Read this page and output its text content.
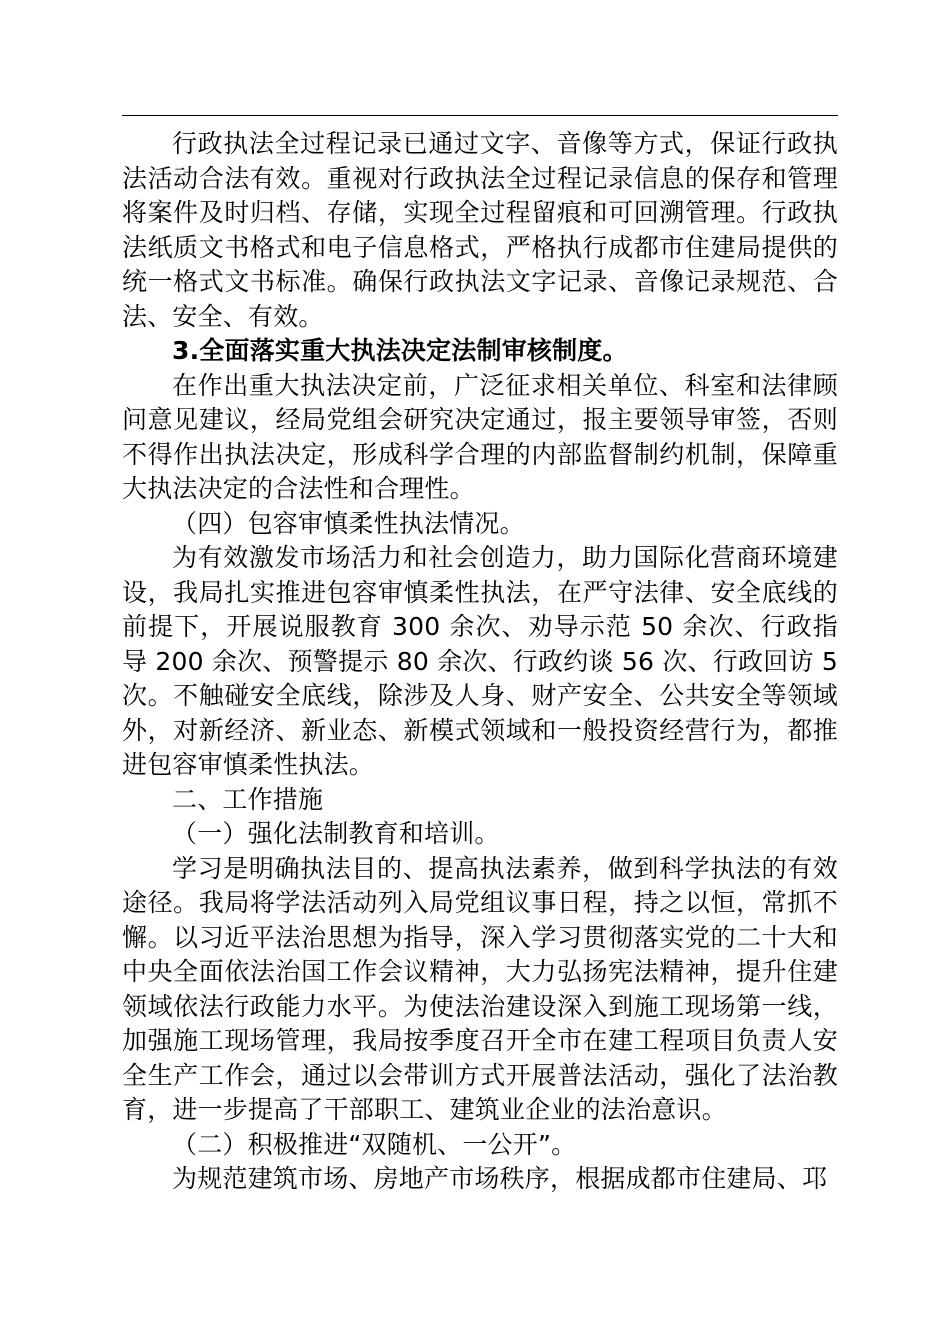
行政执法全过程记录已通过文字、音像等方式，保证行政执法活动合法有效。重视对行政执法全过程记录信息的保存和管理将案件及时归档、存储，实现全过程留痕和可回溯管理。行政执法纸质文书格式和电子信息格式，严格执行成都市住建局提供的统一格式文书标准。确保行政执法文字记录、音像记录规范、合法、安全、有效。

3.全面落实重大执法决定法制审核制度。

在作出重大执法决定前，广泛征求相关单位、科室和法律顾问意见建议，经局党组会研究决定通过，报主要领导审签，否则不得作出执法决定，形成科学合理的内部监督制约机制，保障重大执法决定的合法性和合理性。

（四）包容审慎柔性执法情况。

为有效激发市场活力和社会创造力，助力国际化营商环境建设，我局扎实推进包容审慎柔性执法，在严守法律、安全底线的前提下，开展说服教育 300 余次、劝导示范 50 余次、行政指导 200 余次、预警提示 80 余次、行政约谈 56 次、行政回访 5 次。不触碰安全底线，除涉及人身、财产安全、公共安全等领域外，对新经济、新业态、新模式领域和一般投资经营行为，都推进包容审慎柔性执法。

二、工作措施

（一）强化法制教育和培训。

学习是明确执法目的、提高执法素养，做到科学执法的有效途径。我局将学法活动列入局党组议事日程，持之以恒，常抓不懈。以习近平法治思想为指导，深入学习贯彻落实党的二十大和中央全面依法治国工作会议精神，大力弘扬宪法精神，提升住建领域依法行政能力水平。为使法治建设深入到施工现场第一线，加强施工现场管理，我局按季度召开全市在建工程项目负责人安全生产工作会，通过以会带训方式开展普法活动，强化了法治教育，进一步提高了干部职工、建筑业企业的法治意识。

（二）积极推进“双随机、一公开”。

为规范建筑市场、房地产市场秩序，根据成都市住建局、邛
